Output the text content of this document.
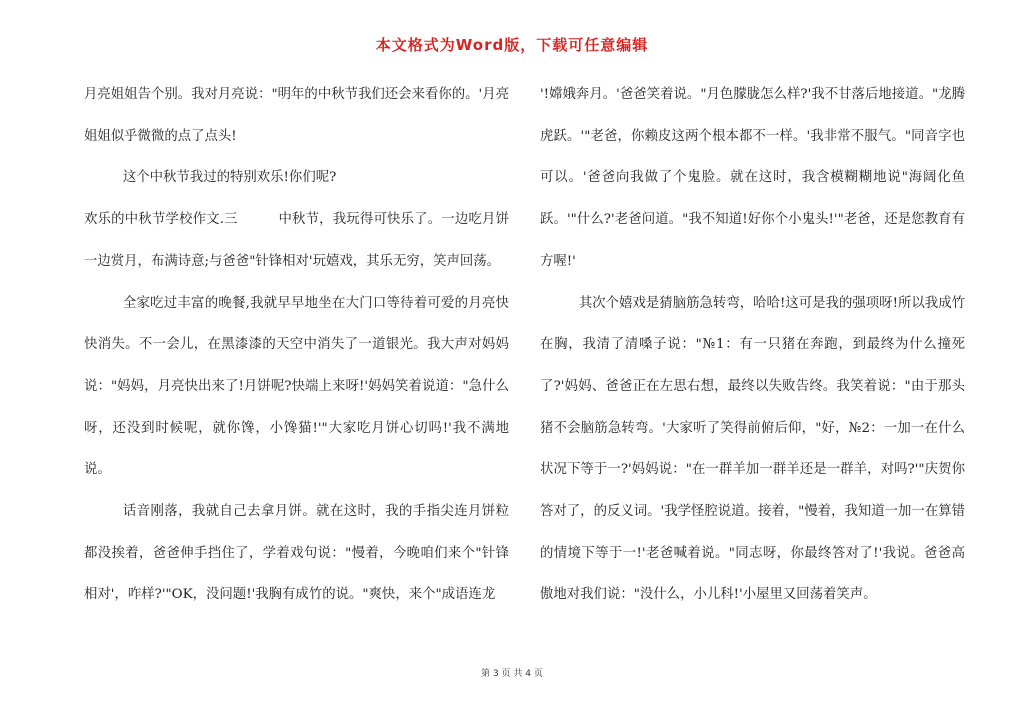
本文格式为Word版，下载可任意编辑

月亮姐姐告个别。我对月亮说："明年的中秋节我们还会来看你的。'月亮姐姐似乎微微的点了点头!

这个中秋节我过的特别欢乐!你们呢?

欢乐的中秋节学校作文.三　　　中秋节，我玩得可快乐了。一边吃月饼一边赏月，布满诗意;与爸爸"针锋相对'玩嬉戏，其乐无穷，笑声回荡。

全家吃过丰富的晚餐,我就早早地坐在大门口等待着可爱的月亮快快消失。不一会儿，在黑漆漆的天空中消失了一道银光。我大声对妈妈说："妈妈，月亮快出来了!月饼呢?快端上来呀!'妈妈笑着说道："急什么呀，还没到时候呢，就你馋，小馋猫!'"大家吃月饼心切吗!'我不满地说。

话音刚落，我就自己去拿月饼。就在这时，我的手指尖连月饼粒都没挨着，爸爸伸手挡住了，学着戏句说："慢着，今晚咱们来个"针锋相对'，咋样?'"OK，没问题!'我胸有成竹的说。"爽快，来个"成语连龙

'!嫦娥奔月。'爸爸笑着说。"月色朦胧怎么样?'我不甘落后地接道。"龙腾虎跃。'"老爸，你赖皮这两个根本都不一样。'我非常不服气。"同音字也可以。'爸爸向我做了个鬼脸。就在这时，我含模糊糊地说"海阔化鱼跃。'"什么?'老爸问道。"我不知道!好你个小鬼头!'"老爸，还是您教育有方喔!'

其次个嬉戏是猜脑筋急转弯，哈哈!这可是我的强项呀!所以我成竹在胸，我清了清嗓子说："№1：有一只猪在奔跑，到最终为什么撞死了?'妈妈、爸爸正在左思右想，最终以失败告终。我笑着说："由于那头猪不会脑筋急转弯。'大家听了笑得前俯后仰，"好，№2：一加一在什么状况下等于一?'妈妈说："在一群羊加一群羊还是一群羊，对吗?'"庆贺你答对了，的反义词。'我学怪腔说道。接着，"慢着，我知道一加一在算错的情境下等于一!'老爸喊着说。"同志呀，你最终答对了!'我说。爸爸高傲地对我们说："没什么，小儿科!'小屋里又回荡着笑声。

第 3 页 共 4 页
